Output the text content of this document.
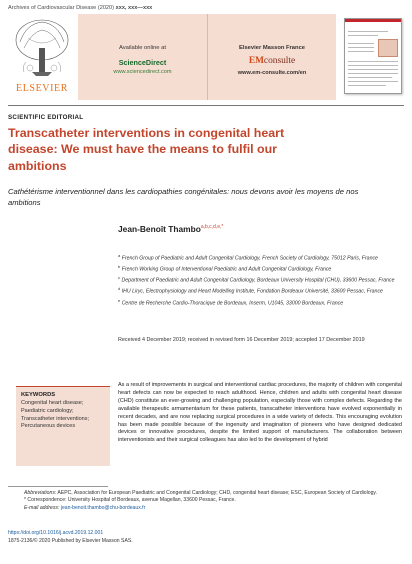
Archives of Cardiovascular Disease (2020) xxx, xxx—xxx
ELSEVIER
Available online at
ScienceDirect
www.sciencedirect.com
Elsevier Masson France
EMconsulte
www.em-consulte.com/en
SCIENTIFIC EDITORIAL
Transcatheter interventions in congenital heart disease: We must have the means to fulfil our ambitions
Cathétérisme interventionnel dans les cardiopathies congénitales: nous devons avoir les moyens de nos ambitions
Jean-Benoît Thambo$^{a,b,c,d,e,*}$
$^a$ French Group of Paediatric and Adult Congenital Cardiology, French Society of Cardiology, 75012 Paris, France
$^b$ French Working Group of Interventional Paediatric and Adult Congenital Cardiology, France
$^c$ Department of Paediatric and Adult Congenital Cardiology, Bordeaux University Hospital (CHU), 33600 Pessac, France
$^d$ IHU Liryc, Electrophysiology and Heart Modelling Institute, Fondation Bordeaux Université, 33600 Pessac, France
$^e$ Centre de Recherche Cardio-Thoracique de Bordeaux, Inserm, U1045, 33000 Bordeaux, France
Received 4 December 2019; received in revised form 16 December 2019; accepted 17 December 2019
KEYWORDS
Congenital heart disease;
Paediatric cardiology;
Transcatheter interventions;
Percutaneous devices

As a result of improvements in surgical and interventional cardiac procedures, the majority of children with congenital heart defects can now be expected to reach adulthood. Hence, children and adults with congenital heart disease (CHD) constitute an ever-growing and challenging population, especially those with complex defects. Regarding the available therapeutic armamentarium for these patients, transcatheter interventions have evolved exponentially in recent decades, and are now replacing surgical procedures in a wide variety of defects. This encouraging evolution has been made possible because of the ingenuity and imagination of pioneers who have designed dedicated devices or innovative procedures, despite the limited support of manufacturers. The collaboration between interventionists and their surgical colleagues has also led to the development of hybrid

Abbreviations: AEPC, Association for European Paediatric and Congenital Cardiology; CHD, congenital heart disease; ESC, European Society of Cardiology.
* Correspondence: University Hospital of Bordeaux, avenue Magellan, 33600 Pessac, France.
E-mail address: jean-benoit.thambo@chu-bordeaux.fr
https://doi.org/10.1016/j.acvd.2019.12.001
1875-2136/© 2020 Published by Elsevier Masson SAS.
